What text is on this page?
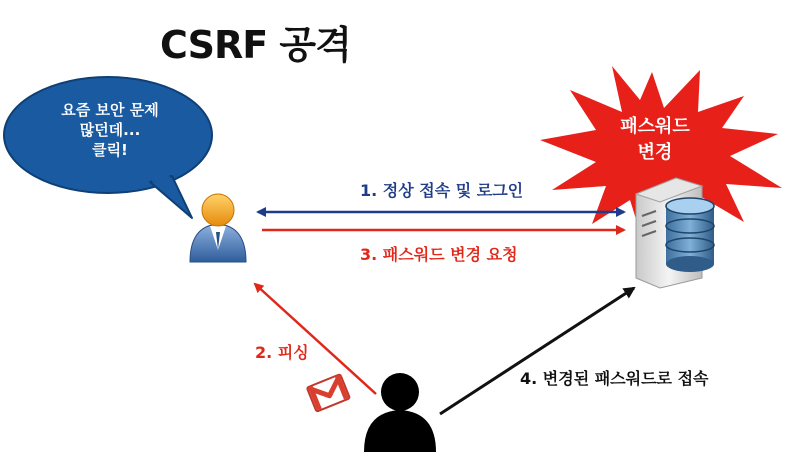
CSRF 공격
요즘 보안 문제
많던데...
클릭!
패스워드
변경
1. 정상 접속 및 로그인
3. 패스워드 변경 요청
2. 피싱
4. 변경된 패스워드로 접속
